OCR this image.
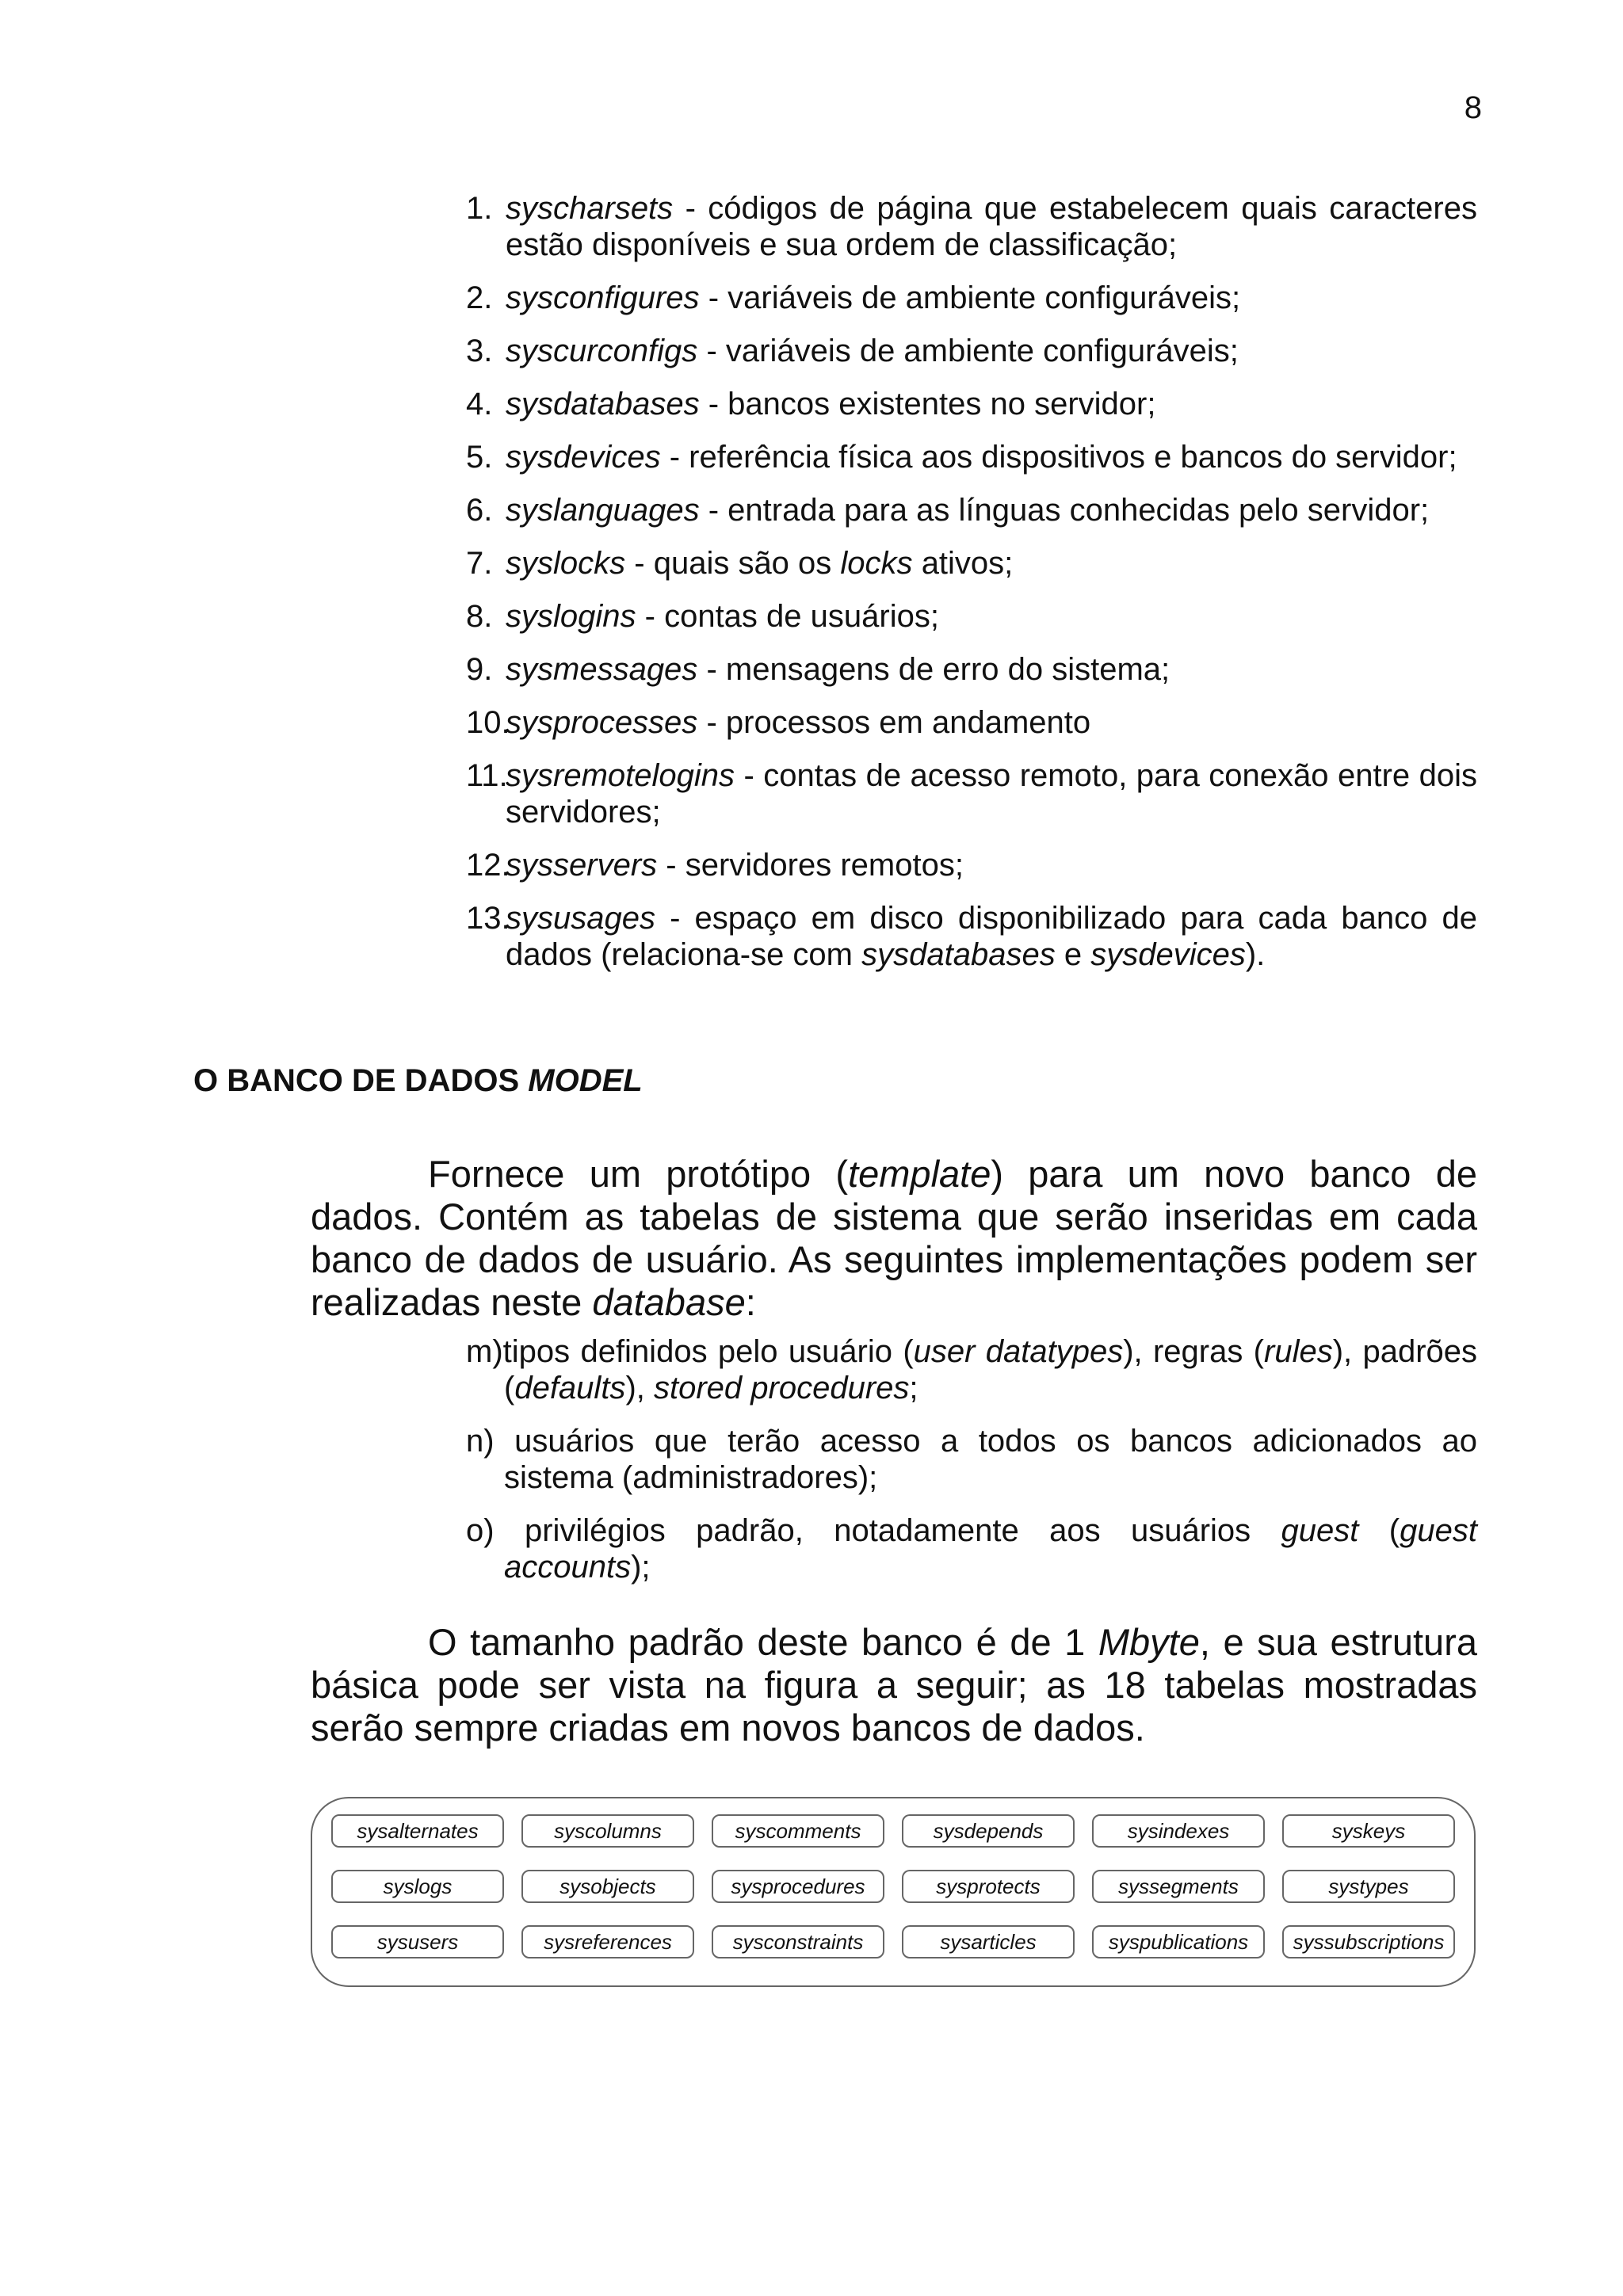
8
1. syscharsets - códigos de página que estabelecem quais caracteres estão disponíveis e sua ordem de classificação;
2. sysconfigures - variáveis de ambiente configuráveis;
3. syscurconfigs - variáveis de ambiente configuráveis;
4. sysdatabases - bancos existentes no servidor;
5. sysdevices - referência física aos dispositivos e bancos do servidor;
6. syslanguages - entrada para as línguas conhecidas pelo servidor;
7. syslocks - quais são os locks ativos;
8. syslogins - contas de usuários;
9. sysmessages - mensagens de erro do sistema;
10.
sysprocesses - processos em andamento
11.
sysremotelogins - contas de acesso remoto, para conexão entre dois servidores;
12.
sysservers - servidores remotos;
13.
sysusages - espaço em disco disponibilizado para cada banco de dados (relaciona-se com sysdatabases e sysdevices).
O BANCO DE DADOS MODEL

Fornece um protótipo (template) para um novo banco de dados. Contém as tabelas de sistema que serão inseridas em cada banco de dados de usuário. As seguintes implementações podem ser realizadas neste database:

m)tipos definidos pelo usuário (user datatypes), regras (rules), padrões (defaults), stored procedures;
n) usuários que terão acesso a todos os bancos adicionados ao sistema (administradores);
o) privilégios padrão, notadamente aos usuários guest (guest accounts);

O tamanho padrão deste banco é de 1 Mbyte, e sua estrutura básica pode ser vista na figura a seguir; as 18 tabelas mostradas serão sempre criadas em novos bancos de dados.

sysalternates	syscolumns	syscomments	sysdepends	sysindexes	syskeys
syslogs	sysobjects	sysprocedures	sysprotects	syssegments	systypes
sysusers	sysreferences	sysconstraints	sysarticles	syspublications	syssubscriptions
